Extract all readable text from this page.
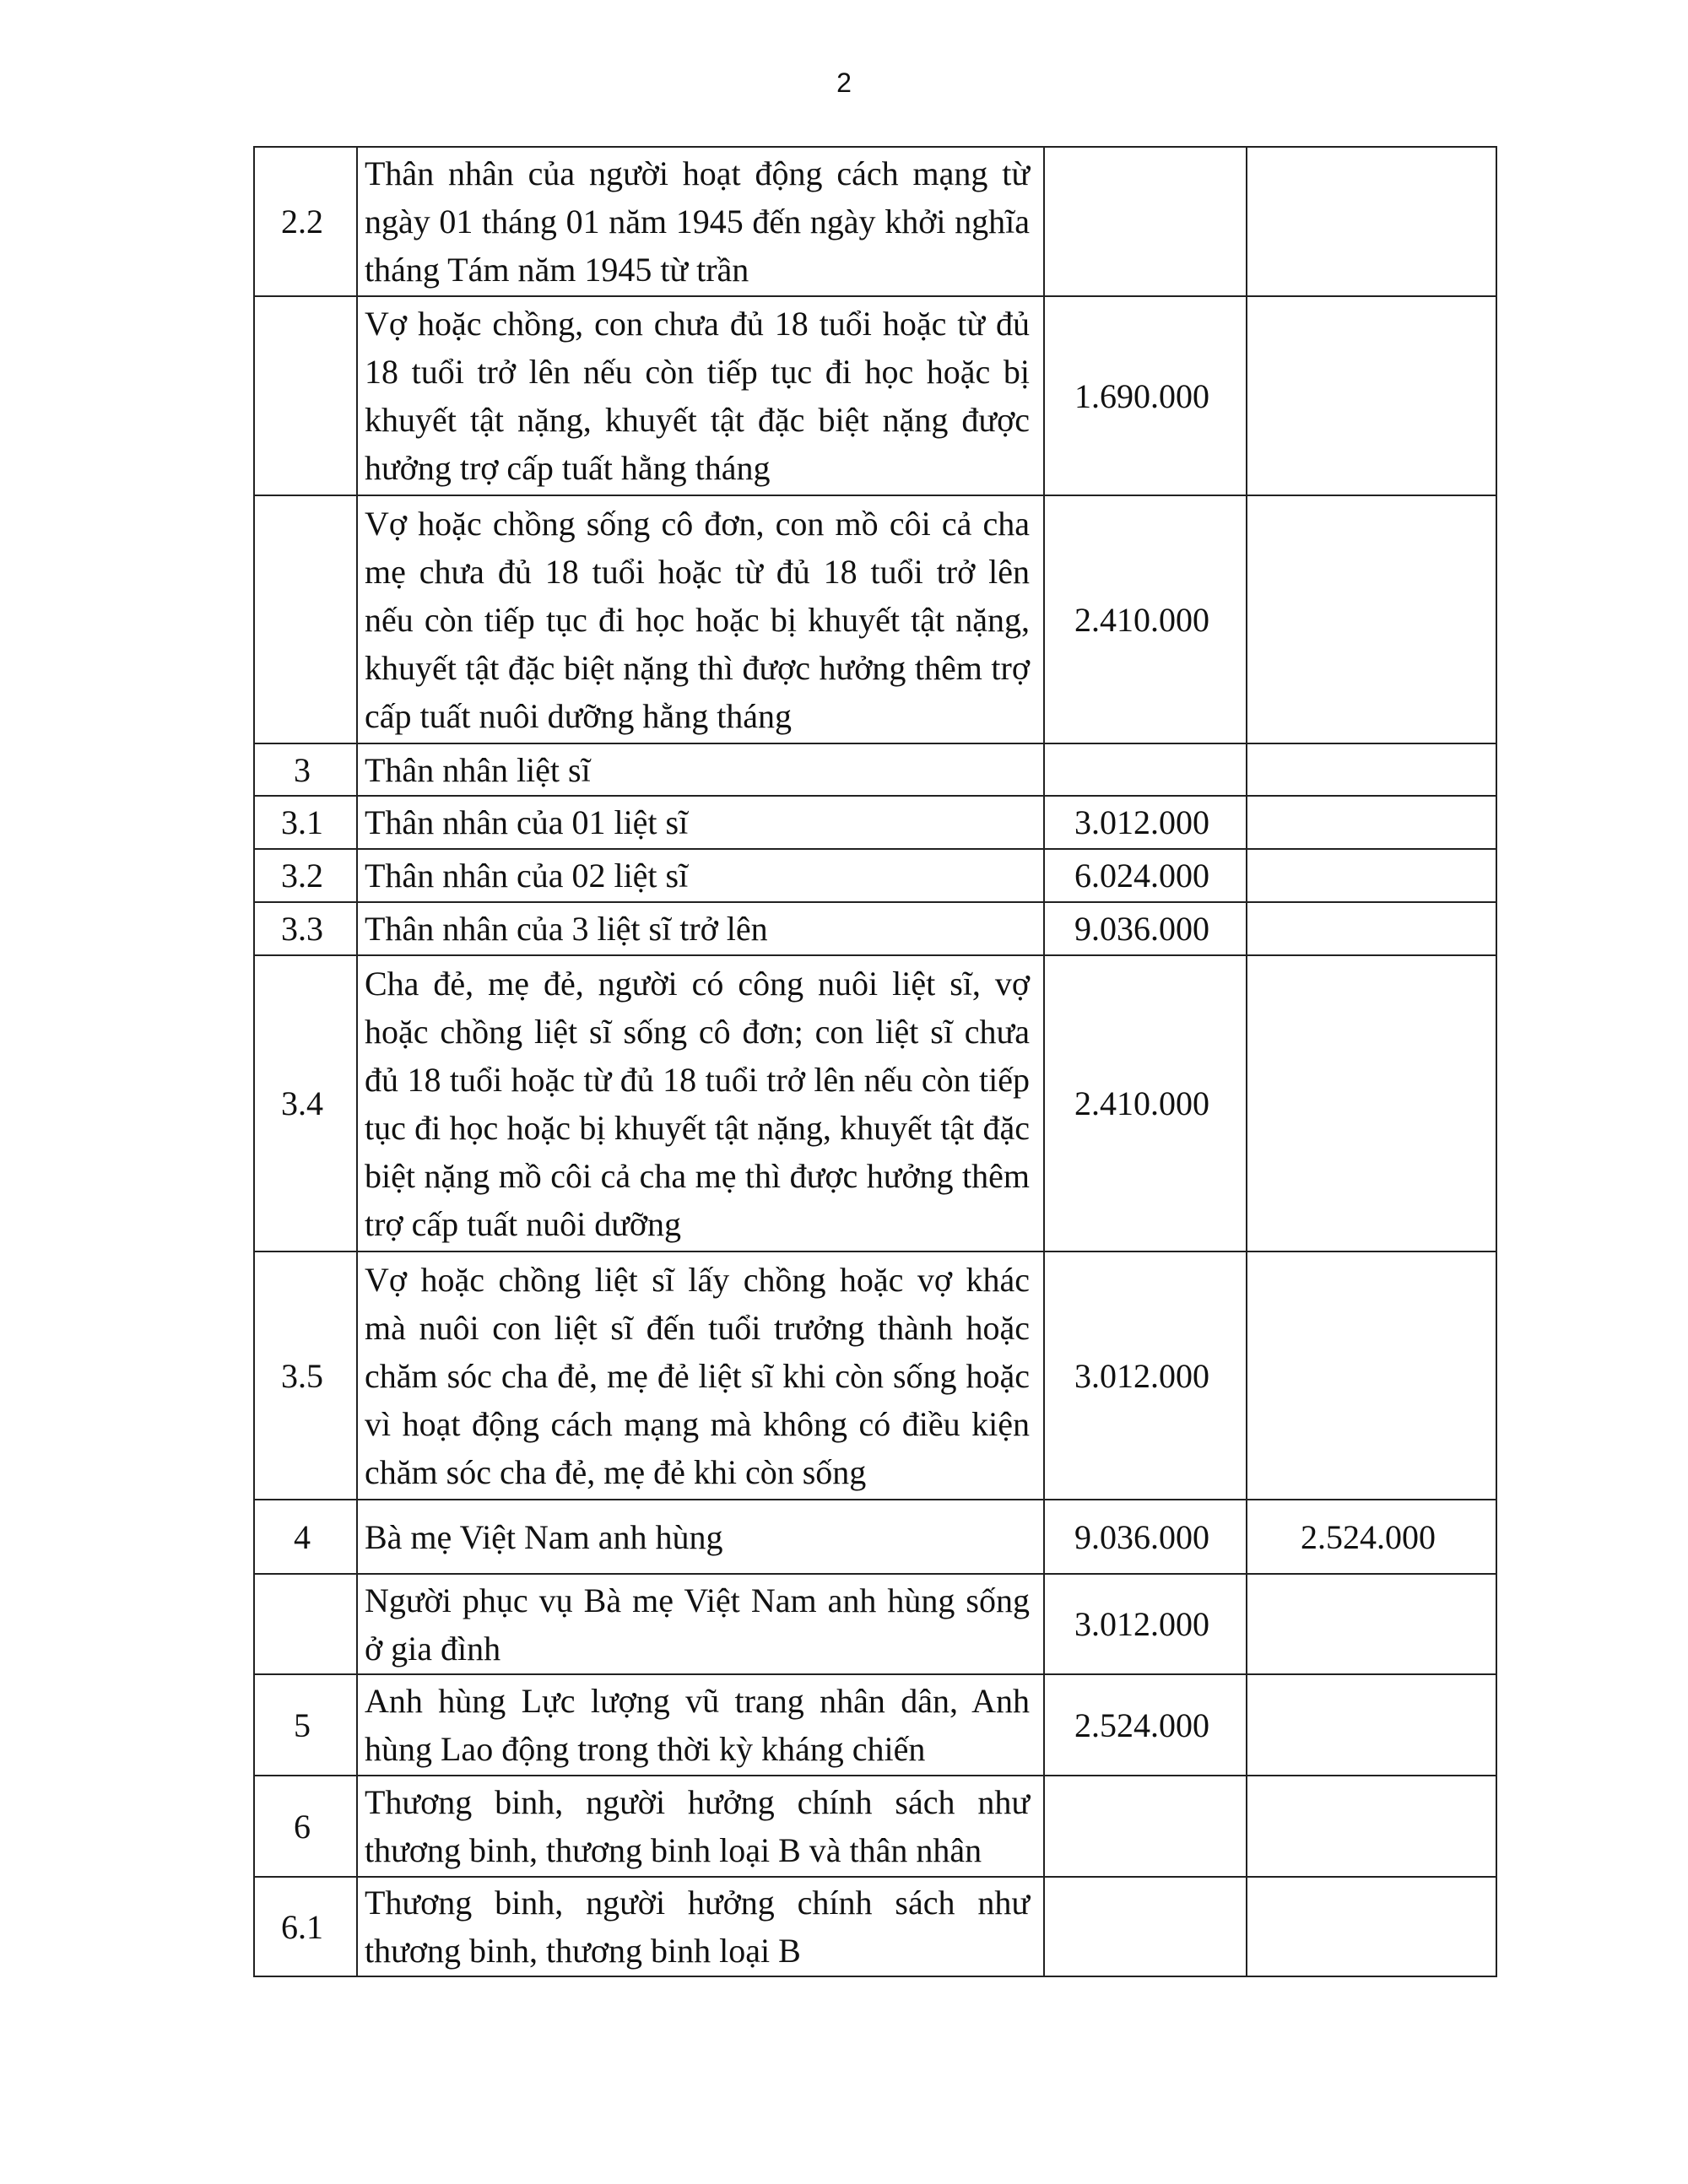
2
2.2	Thân nhân của người hoạt động cách mạng từ ngày 01 tháng 01 năm 1945 đến ngày khởi nghĩa tháng Tám năm 1945 từ trần		
	Vợ hoặc chồng, con chưa đủ 18 tuổi hoặc từ đủ 18 tuổi trở lên nếu còn tiếp tục đi học hoặc bị khuyết tật nặng, khuyết tật đặc biệt nặng được hưởng trợ cấp tuất hằng tháng	1.690.000	
	Vợ hoặc chồng sống cô đơn, con mồ côi cả cha mẹ chưa đủ 18 tuổi hoặc từ đủ 18 tuổi trở lên nếu còn tiếp tục đi học hoặc bị khuyết tật nặng, khuyết tật đặc biệt nặng thì được hưởng thêm trợ cấp tuất nuôi dưỡng hằng tháng	2.410.000	
3	Thân nhân liệt sĩ		
3.1	Thân nhân của 01 liệt sĩ	3.012.000	
3.2	Thân nhân của 02 liệt sĩ	6.024.000	
3.3	Thân nhân của 3 liệt sĩ trở lên	9.036.000	
3.4	Cha đẻ, mẹ đẻ, người có công nuôi liệt sĩ, vợ hoặc chồng liệt sĩ sống cô đơn; con liệt sĩ chưa đủ 18 tuổi hoặc từ đủ 18 tuổi trở lên nếu còn tiếp tục đi học hoặc bị khuyết tật nặng, khuyết tật đặc biệt nặng mồ côi cả cha mẹ thì được hưởng thêm trợ cấp tuất nuôi dưỡng	2.410.000	
3.5	Vợ hoặc chồng liệt sĩ lấy chồng hoặc vợ khác mà nuôi con liệt sĩ đến tuổi trưởng thành hoặc chăm sóc cha đẻ, mẹ đẻ liệt sĩ khi còn sống hoặc vì hoạt động cách mạng mà không có điều kiện chăm sóc cha đẻ, mẹ đẻ khi còn sống	3.012.000	
4	Bà mẹ Việt Nam anh hùng	9.036.000	2.524.000
	Người phục vụ Bà mẹ Việt Nam anh hùng sống ở gia đình	3.012.000	
5	Anh hùng Lực lượng vũ trang nhân dân, Anh hùng Lao động trong thời kỳ kháng chiến	2.524.000	
6	Thương binh, người hưởng chính sách như thương binh, thương binh loại B và thân nhân		
6.1	Thương binh, người hưởng chính sách như thương binh, thương binh loại B		
